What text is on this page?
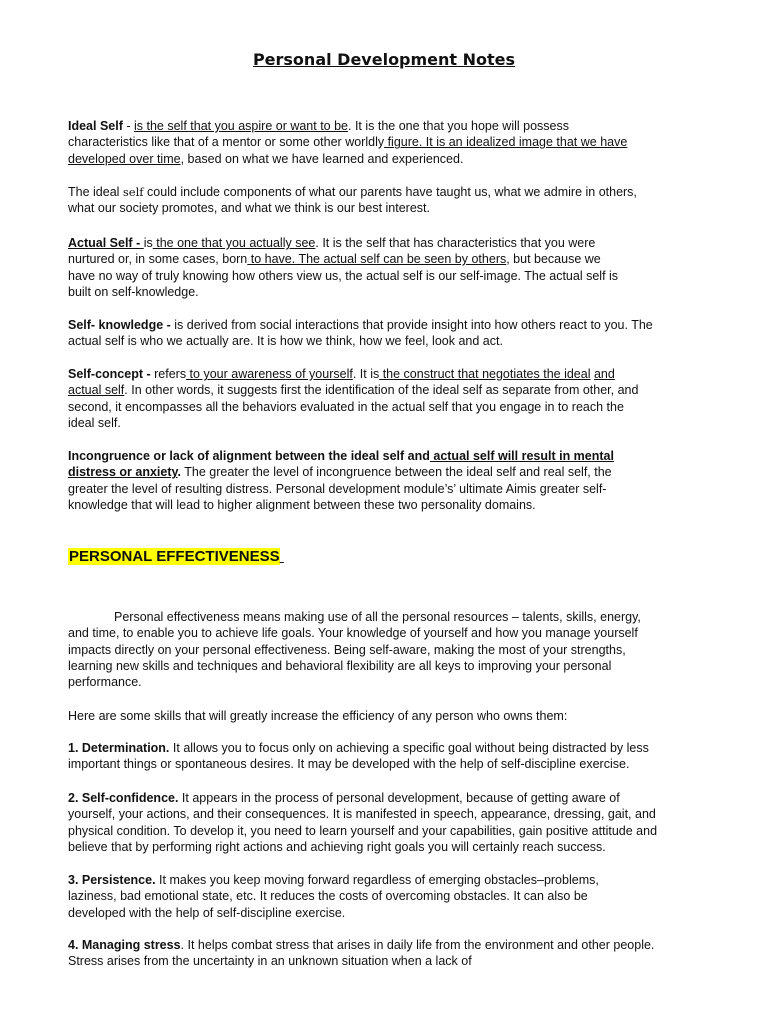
Personal Development Notes
Ideal Self - is the self that you aspire or want to be. It is the one that you hope will possess
characteristics like that of a mentor or some other worldly figure. It is an idealized image that we have
developed over time, based on what we have learned and experienced.
The ideal self could include components of what our parents have taught us, what we admire in others,
what our society promotes, and what we think is our best interest.
Actual Self - is the one that you actually see. It is the self that has characteristics that you were
nurtured or, in some cases, born to have. The actual self can be seen by others, but because we
have no way of truly knowing how others view us, the actual self is our self-image. The actual self is
built on self-knowledge.
Self- knowledge - is derived from social interactions that provide insight into how others react to you. The
actual self is who we actually are. It is how we think, how we feel, look and act.
Self-concept - refers to your awareness of yourself. It is the construct that negotiates the ideal and
actual self. In other words, it suggests first the identification of the ideal self as separate from other, and
second, it encompasses all the behaviors evaluated in the actual self that you engage in to reach the
ideal self.
Incongruence or lack of alignment between the ideal self and actual self will result in mental
distress or anxiety. The greater the level of incongruence between the ideal self and real self, the
greater the level of resulting distress. Personal development module’s’ ultimate Aimis greater self-
knowledge that will lead to higher alignment between these two personality domains.
PERSONAL EFFECTIVENESS
Personal effectiveness means making use of all the personal resources – talents, skills, energy,
and time, to enable you to achieve life goals. Your knowledge of yourself and how you manage yourself
impacts directly on your personal effectiveness. Being self-aware, making the most of your strengths,
learning new skills and techniques and behavioral flexibility are all keys to improving your personal
performance.
Here are some skills that will greatly increase the efficiency of any person who owns them:
1. Determination. It allows you to focus only on achieving a specific goal without being distracted by less
important things or spontaneous desires. It may be developed with the help of self-discipline exercise.
2. Self-confidence. It appears in the process of personal development, because of getting aware of
yourself, your actions, and their consequences. It is manifested in speech, appearance, dressing, gait, and
physical condition. To develop it, you need to learn yourself and your capabilities, gain positive attitude and
believe that by performing right actions and achieving right goals you will certainly reach success.
3. Persistence. It makes you keep moving forward regardless of emerging obstacles–problems,
laziness, bad emotional state, etc. It reduces the costs of overcoming obstacles. It can also be
developed with the help of self-discipline exercise.
4. Managing stress. It helps combat stress that arises in daily life from the environment and other people.
Stress arises from the uncertainty in an unknown situation when a lack of
